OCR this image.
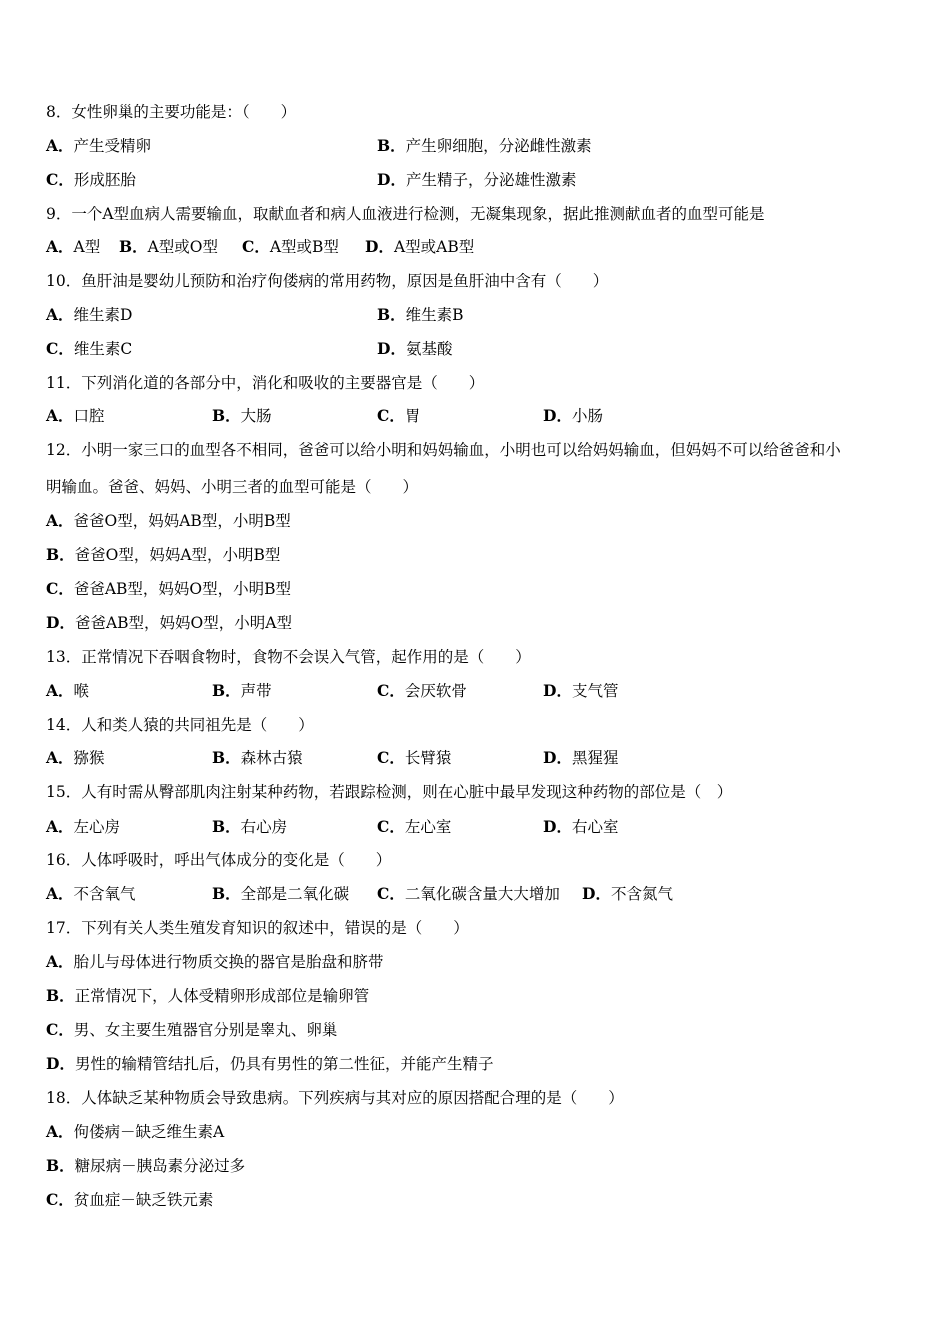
8．女性卵巢的主要功能是：（　　）
A．产生受精卵	B．产生卵细胞，分泌雌性激素
C．形成胚胎	D．产生精子，分泌雄性激素
9．一个A型血病人需要输血，取献血者和病人血液进行检测，无凝集现象，据此推测献血者的血型可能是
A．A型 B．A型或O型 C．A型或B型 D．A型或AB型
10．鱼肝油是婴幼儿预防和治疗佝偻病的常用药物，原因是鱼肝油中含有（　　）
A．维生素D	B．维生素B
C．维生素C	D．氨基酸
11．下列消化道的各部分中，消化和吸收的主要器官是（　　）
A．口腔	B．大肠	C．胃	D．小肠
12．小明一家三口的血型各不相同，爸爸可以给小明和妈妈输血，小明也可以给妈妈输血，但妈妈不可以给爸爸和小
明输血。爸爸、妈妈、小明三者的血型可能是（　　）
A．爸爸O型，妈妈AB型，小明B型
B．爸爸O型，妈妈A型，小明B型
C．爸爸AB型，妈妈O型，小明B型
D．爸爸AB型，妈妈O型，小明A型
13．正常情况下吞咽食物时，食物不会误入气管，起作用的是（　　）
A．喉	B．声带	C．会厌软骨	D．支气管
14．人和类人猿的共同祖先是（　　）
A．猕猴	B．森林古猿	C．长臂猿	D．黑猩猩
15．人有时需从臀部肌肉注射某种药物，若跟踪检测，则在心脏中最早发现这种药物的部位是（　）
A．左心房	B．右心房	C．左心室	D．右心室
16．人体呼吸时，呼出气体成分的变化是（　　）
A．不含氧气	B．全部是二氧化碳 C．二氧化碳含量大大增加 D．不含氮气
17．下列有关人类生殖发育知识的叙述中，错误的是（　　）
A．胎儿与母体进行物质交换的器官是胎盘和脐带
B．正常情况下，人体受精卵形成部位是输卵管
C．男、女主要生殖器官分别是睾丸、卵巢
D．男性的输精管结扎后，仍具有男性的第二性征，并能产生精子
18．人体缺乏某种物质会导致患病。下列疾病与其对应的原因搭配合理的是（　　）
A．佝偻病－缺乏维生素A
B．糖尿病－胰岛素分泌过多
C．贫血症－缺乏铁元素
